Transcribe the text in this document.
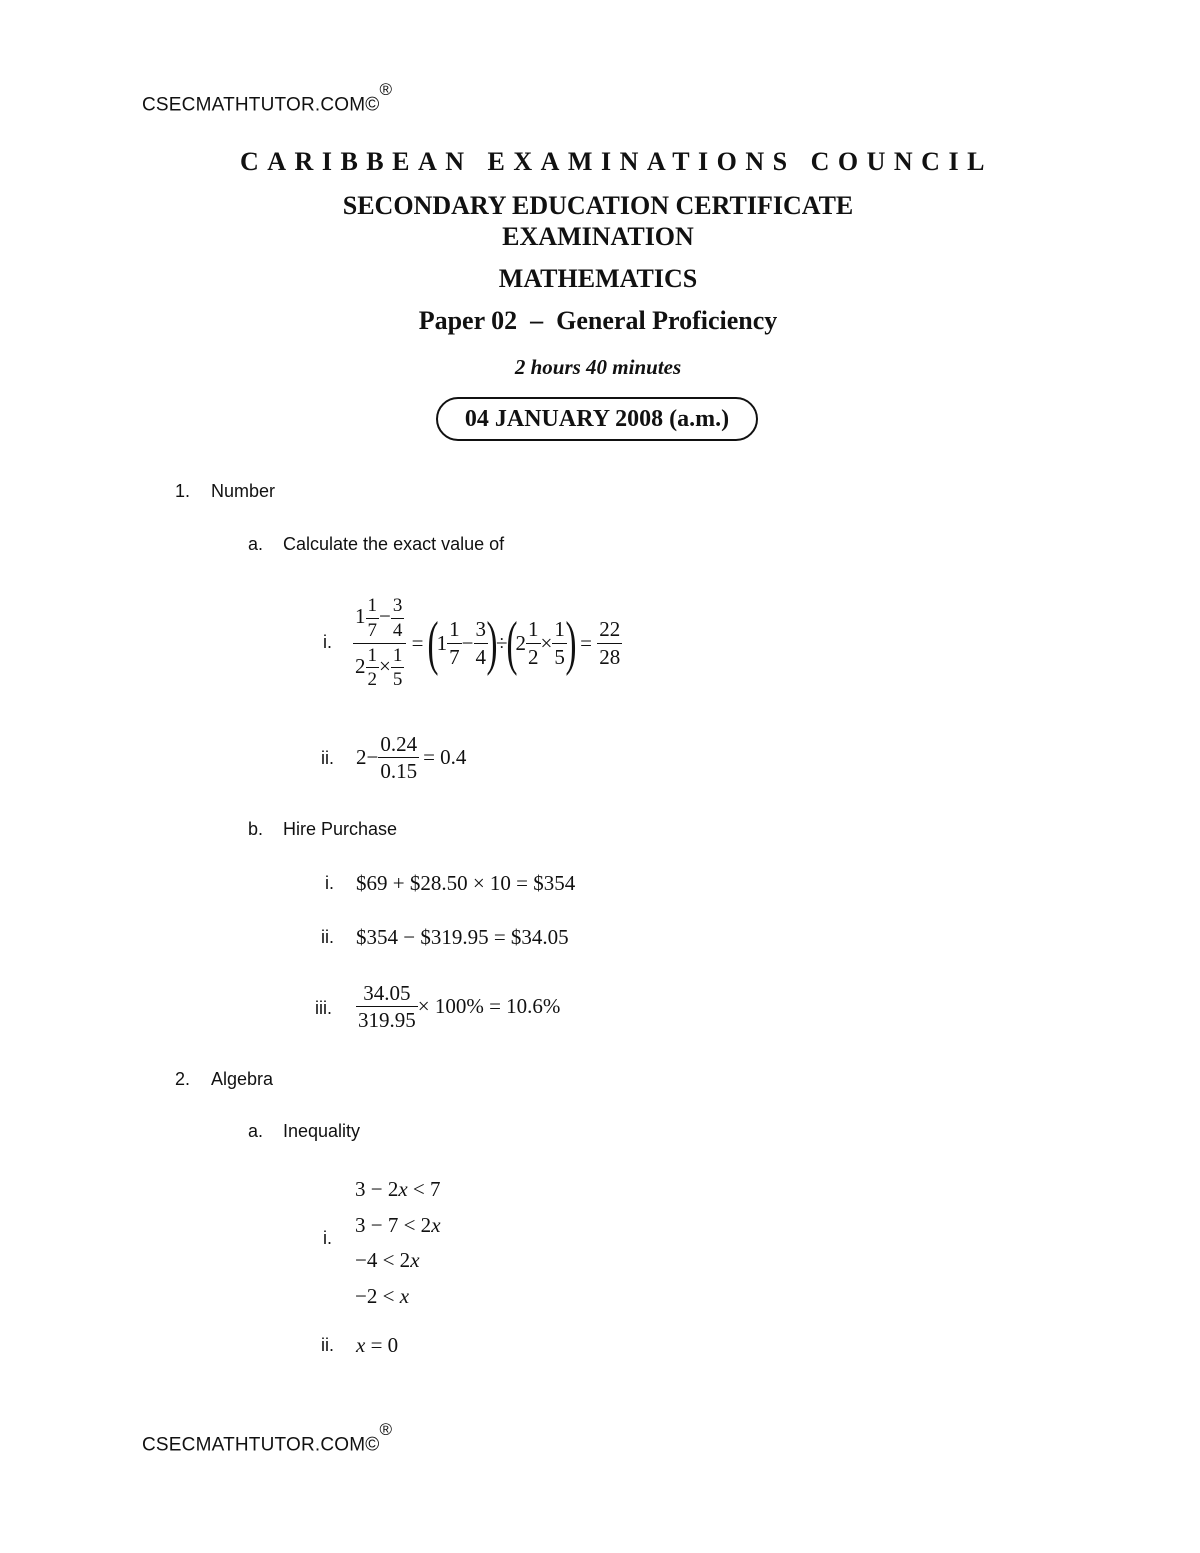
CSECMATHTUTOR.COM©®
CARIBBEAN EXAMINATIONS COUNCIL
SECONDARY EDUCATION CERTIFICATE
EXAMINATION
MATHEMATICS
Paper 02  –  General Proficiency
2 hours 40 minutes
04 JANUARY 2008 (a.m.)
1. Number
a. Calculate the exact value of
i. $\frac{1 \frac{1}{7} - \frac{3}{4}}{2 \frac{1}{2} \times \frac{1}{5}}$ =
(
$1 \frac{1}{7} - \frac{3}{4}$
)
÷
(
$2 \frac{1}{2} \times \frac{1}{5}$
)
= $\frac{22}{28}$
ii. $2- \frac{0.24}{0.15} = 0.4$
b. Hire Purchase
i. $69 + $28.50 × 10 = $354
ii. $354 − $319.95 = $34.05
iii. $\frac{34.05}{319.95} \times 100\% = 10.6\%$
2. Algebra
a. Inequality
i.
3 − 2x < 7
3 − 7 < 2x
−4 < 2x
−2 < x
ii. x = 0
CSECMATHTUTOR.COM©®
